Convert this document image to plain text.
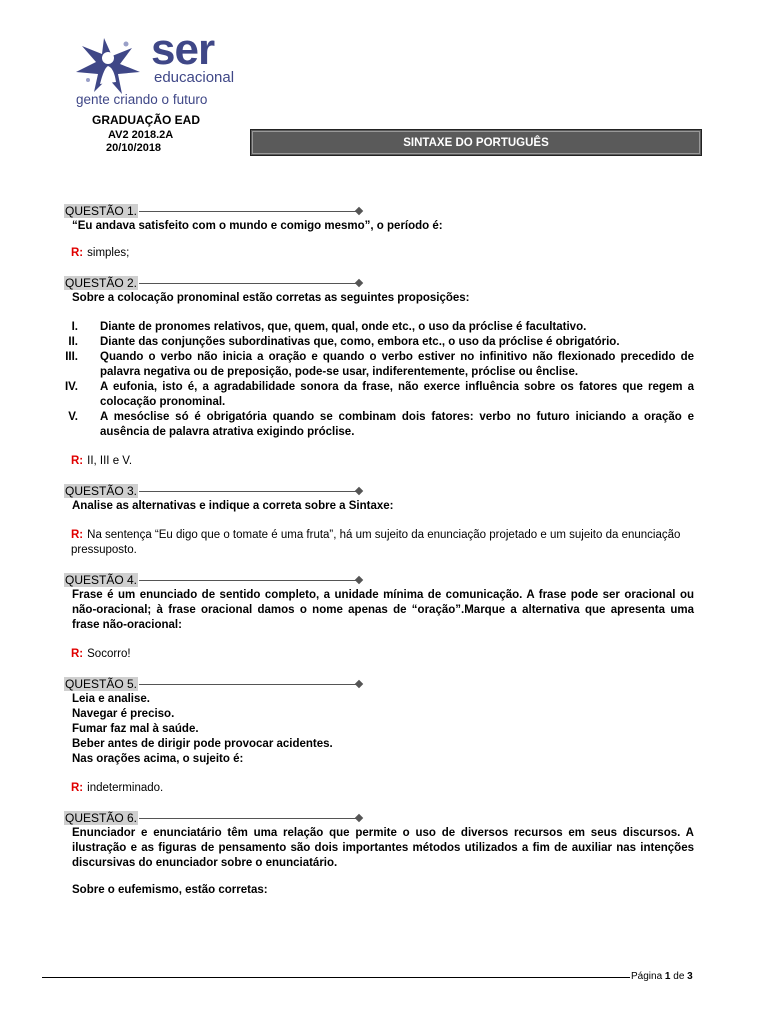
ser
educacional
gente criando o futuro
GRADUAÇÃO EAD
AV2 2018.2A
20/10/2018	SINTAXE DO PORTUGUÊS
QUESTÃO 1.
“Eu andava satisfeito com o mundo e comigo mesmo”, o período é:
R: simples;
QUESTÃO 2.
Sobre a colocação pronominal estão corretas as seguintes proposições:
I. Diante de pronomes relativos, que, quem, qual, onde etc., o uso da próclise é facultativo.
II. Diante das conjunções subordinativas que, como, embora etc., o uso da próclise é obrigatório.
III. Quando o verbo não inicia a oração e quando o verbo estiver no infinitivo não flexionado precedido de palavra negativa ou de preposição, pode-se usar, indiferentemente, próclise ou ênclise.
IV. A eufonia, isto é, a agradabilidade sonora da frase, não exerce influência sobre os fatores que regem a colocação pronominal.
V. A mesóclise só é obrigatória quando se combinam dois fatores: verbo no futuro iniciando a oração e ausência de palavra atrativa exigindo próclise.
R: II, III e V.
QUESTÃO 3.
Analise as alternativas e indique a correta sobre a Sintaxe:
R: Na sentença “Eu digo que o tomate é uma fruta”, há um sujeito da enunciação projetado e um sujeito da enunciação pressuposto.
QUESTÃO 4.
Frase é um enunciado de sentido completo, a unidade mínima de comunicação. A frase pode ser oracional ou não-oracional; à frase oracional damos o nome apenas de “oração”.Marque a alternativa que apresenta uma frase não-oracional:
R: Socorro!
QUESTÃO 5.
Leia e analise.
Navegar é preciso.
Fumar faz mal à saúde.
Beber antes de dirigir pode provocar acidentes.
Nas orações acima, o sujeito é:
R: indeterminado.
QUESTÃO 6.
Enunciador e enunciatário têm uma relação que permite o uso de diversos recursos em seus discursos. A ilustração e as figuras de pensamento são dois importantes métodos utilizados a fim de auxiliar nas intenções discursivas do enunciador sobre o enunciatário.
Sobre o eufemismo, estão corretas:
Página 1 de 3
